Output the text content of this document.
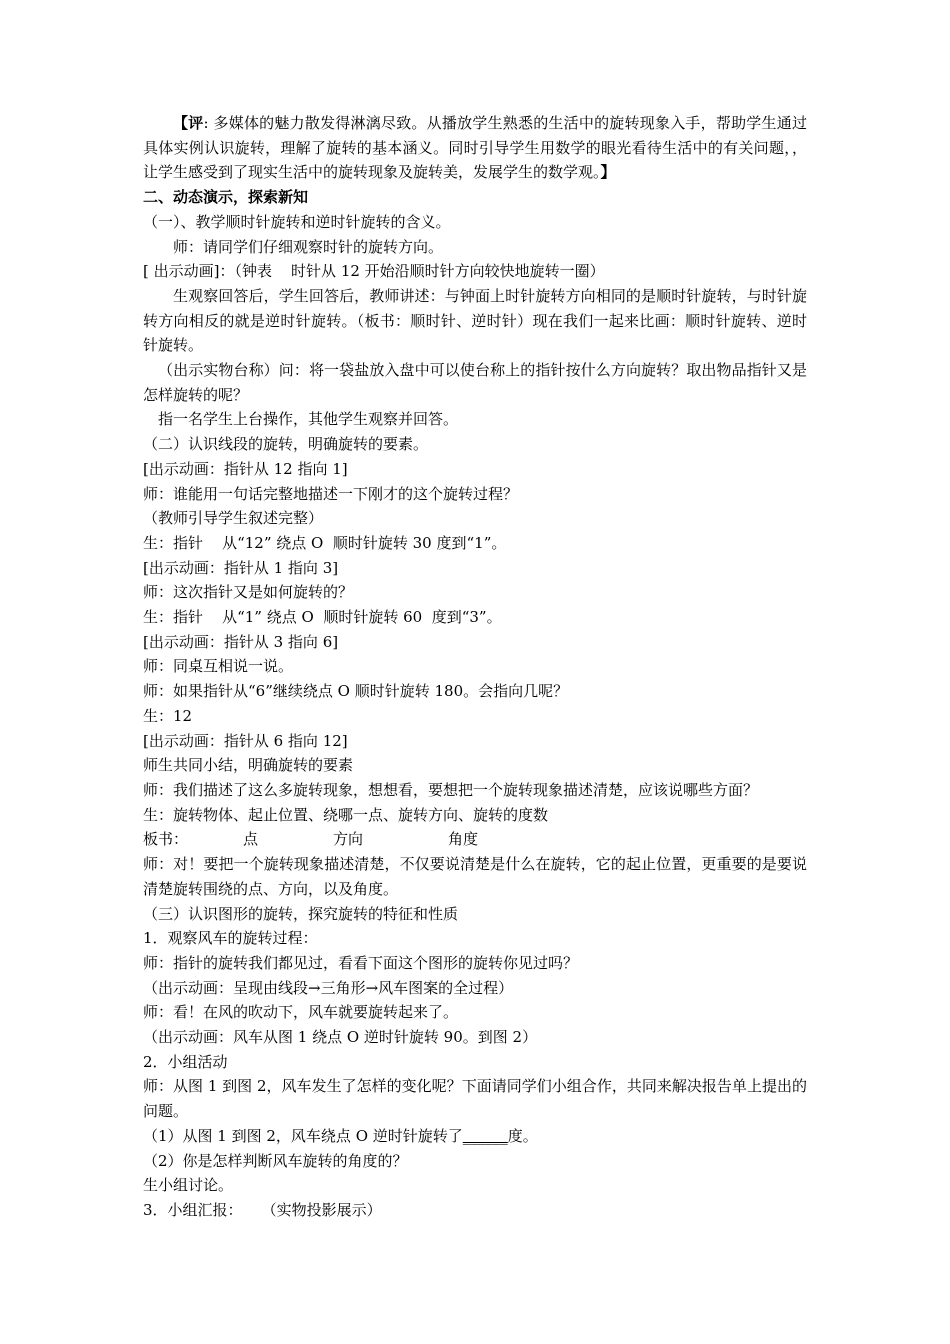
【评: 多媒体的魅力散发得淋漓尽致。从播放学生熟悉的生活中的旋转现象入手，帮助学生通过具体实例认识旋转，理解了旋转的基本涵义。同时引导学生用数学的眼光看待生活中的有关问题，，让学生感受到了现实生活中的旋转现象及旋转美，发展学生的数学观。】

二、动态演示，探索新知

（一）、教学顺时针旋转和逆时针旋转的含义。

师：请同学们仔细观察时针的旋转方向。

[ 出示动画]：（钟表    时针从 12 开始沿顺时针方向较快地旋转一圈）

生观察回答后，学生回答后，教师讲述：与钟面上时针旋转方向相同的是顺时针旋转，与时针旋转方向相反的就是逆时针旋转。（板书：顺时针、逆时针）现在我们一起来比画：顺时针旋转、逆时针旋转。

（出示实物台称）问：将一袋盐放入盘中可以使台称上的指针按什么方向旋转？取出物品指针又是怎样旋转的呢？

指一名学生上台操作，其他学生观察并回答。

（二）认识线段的旋转，明确旋转的要素。

[出示动画：指针从 12 指向 1]

师：谁能用一句话完整地描述一下刚才的这个旋转过程？

（教师引导学生叙述完整）

生：指针    从“12” 绕点 O  顺时针旋转 30 度到“1”。

[出示动画：指针从 1 指向 3]

师：这次指针又是如何旋转的？

生：指针    从“1” 绕点 O  顺时针旋转 60  度到“3”。

[出示动画：指针从 3 指向 6]

师：同桌互相说一说。

师：如果指针从“6”继续绕点 O 顺时针旋转 180。会指向几呢？

生：12

[出示动画：指针从 6 指向 12]

师生共同小结，明确旋转的要素

师：我们描述了这么多旋转现象，想想看，要想把一个旋转现象描述清楚，应该说哪些方面？

生：旋转物体、起止位置、绕哪一点、旋转方向、旋转的度数

板书：	点	方向	角度

师：对！要把一个旋转现象描述清楚，不仅要说清楚是什么在旋转，它的起止位置，更重要的是要说清楚旋转围绕的点、方向，以及角度。

（三）认识图形的旋转，探究旋转的特征和性质

1．观察风车的旋转过程：

师：指针的旋转我们都见过，看看下面这个图形的旋转你见过吗？

（出示动画：呈现由线段→三角形→风车图案的全过程）

师：看！在风的吹动下，风车就要旋转起来了。

（出示动画：风车从图 1 绕点 O 逆时针旋转 90。到图 2）

2．小组活动

师：从图 1 到图 2，风车发生了怎样的变化呢？下面请同学们小组合作，共同来解决报告单上提出的问题。

（1）从图 1 到图 2，风车绕点 O 逆时针旋转了______度。

（2）你是怎样判断风车旋转的角度的？

生小组讨论。

3．小组汇报：    （实物投影展示）
